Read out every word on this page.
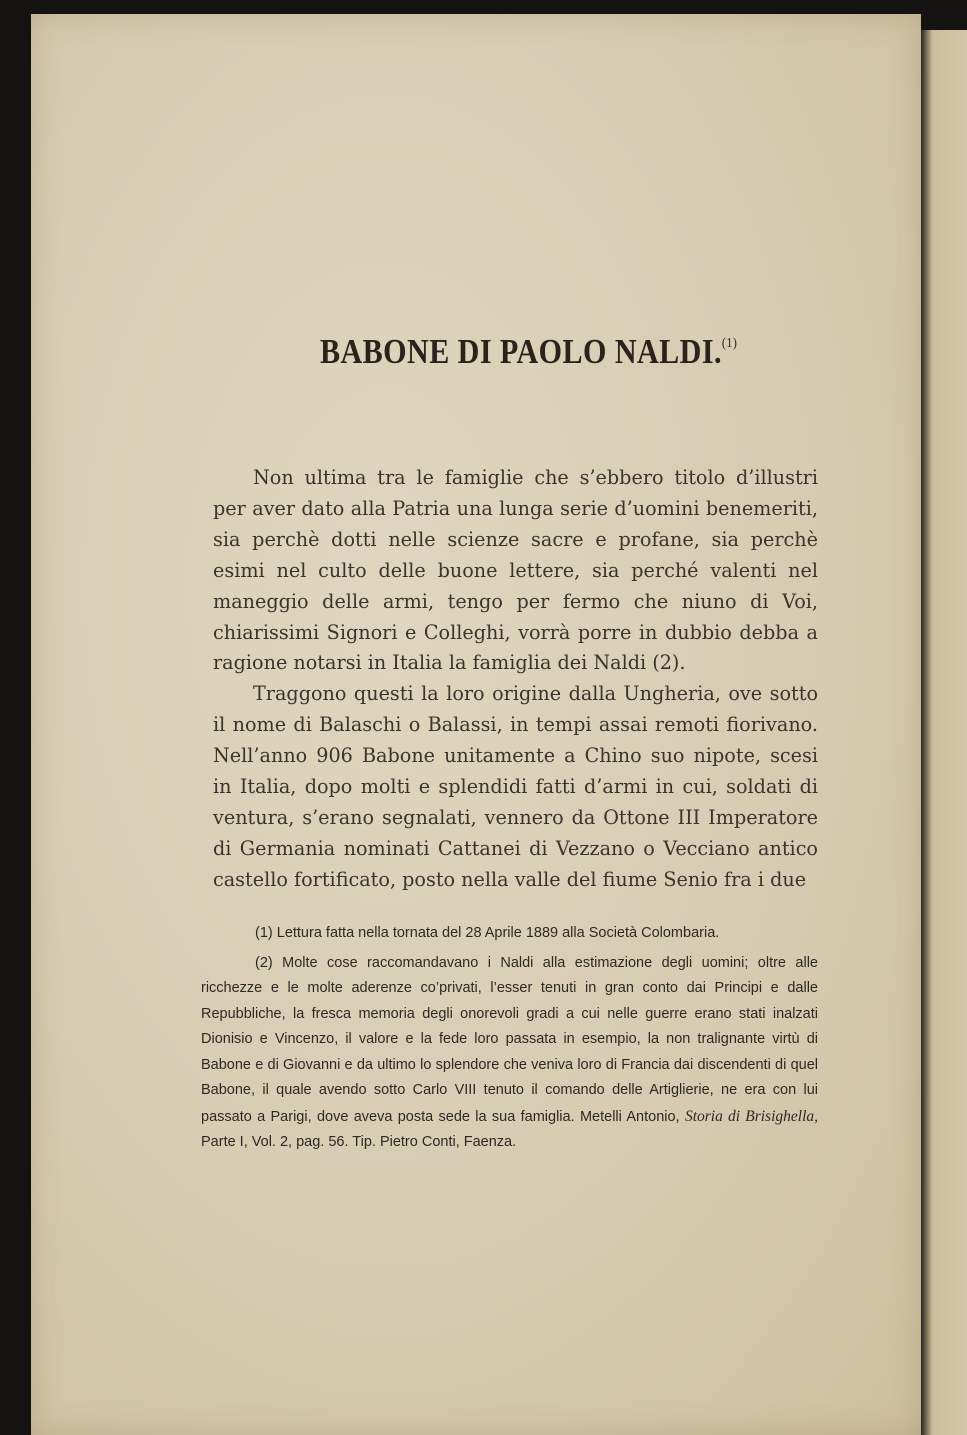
BABONE DI PAOLO NALDI.$^{(1)}$

Non ultima tra le famiglie che s’ebbero titolo d’illustri per aver dato alla Patria una lunga serie d’uomini benemeriti, sia perchè dotti nelle scienze sacre e profane, sia perchè esimi nel culto delle buone lettere, sia perché valenti nel maneggio delle armi, tengo per fermo che niuno di Voi, chiarissimi Signori e Colleghi, vorrà porre in dubbio debba a ragione notarsi in Italia la famiglia dei Naldi (2).

Traggono questi la loro origine dalla Ungheria, ove sotto il nome di Balaschi o Balassi, in tempi assai remoti fiorivano. Nell’anno 906 Babone unitamente a Chino suo nipote, scesi in Italia, dopo molti e splendidi fatti d’armi in cui, soldati di ventura, s’erano segnalati, vennero da Ottone III Imperatore di Germania nominati Cattanei di Vezzano o Vecciano antico castello fortificato, posto nella valle del fiume Senio fra i due

(1) Lettura fatta nella tornata del 28 Aprile 1889 alla Società Colombaria.

(2) Molte cose raccomandavano i Naldi alla estimazione degli uomini; oltre alle ricchezze e le molte aderenze co’privati, l’esser tenuti in gran conto dai Principi e dalle Repubbliche, la fresca memoria degli onorevoli gradi a cui nelle guerre erano stati inalzati Dionisio e Vincenzo, il valore e la fede loro passata in esempio, la non tralignante virtù di Babone e di Giovanni e da ultimo lo splendore che veniva loro di Francia dai discendenti di quel Babone, il quale avendo sotto Carlo VIII tenuto il comando delle Artiglierie, ne era con lui passato a Parigi, dove aveva posta sede la sua famiglia. Metelli Antonio, Storia di Brisighella, Parte I, Vol. 2, pag. 56. Tip. Pietro Conti, Faenza.
